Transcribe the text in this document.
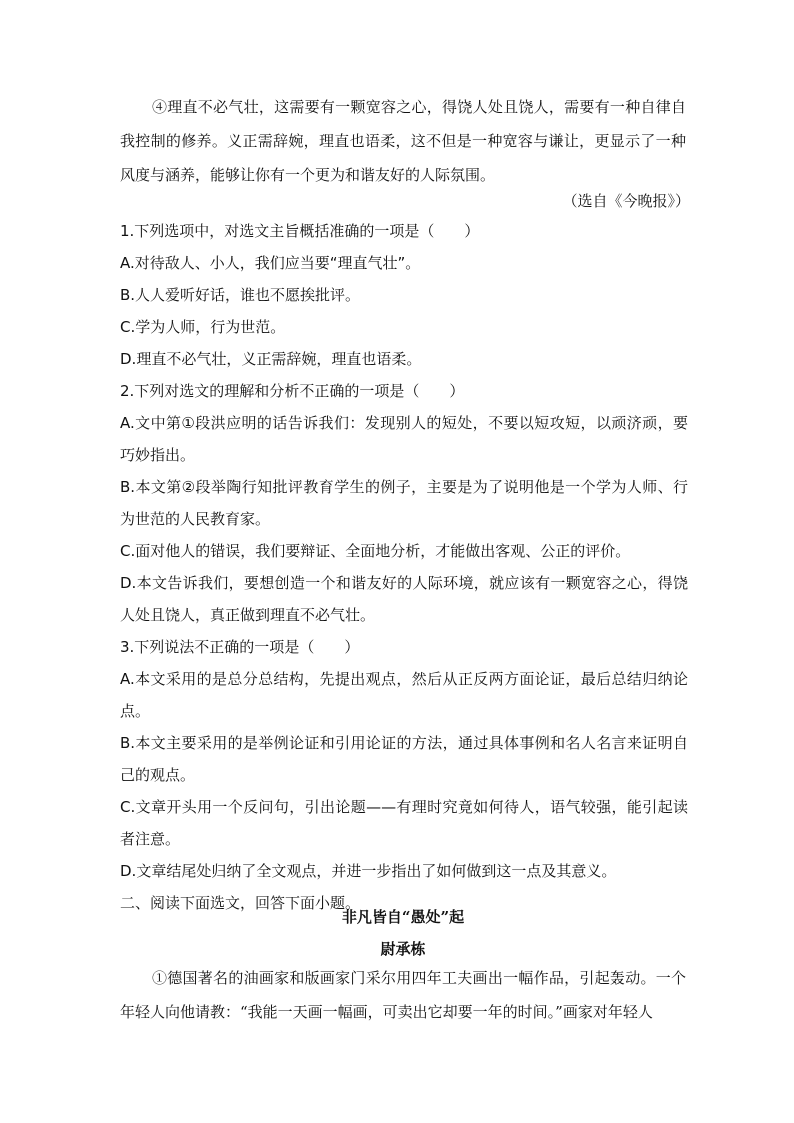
④理直不必气壮，这需要有一颗宽容之心，得饶人处且饶人，需要有一种自律自我控制的修养。义正需辞婉，理直也语柔，这不但是一种宽容与谦让，更显示了一种风度与涵养，能够让你有一个更为和谐友好的人际氛围。
（选自《今晚报》）

1.下列选项中，对选文主旨概括准确的一项是（　　）

A.对待敌人、小人，我们应当要“理直气壮”。

B.人人爱听好话，谁也不愿挨批评。

C.学为人师，行为世范。

D.理直不必气壮，义正需辞婉，理直也语柔。

2.下列对选文的理解和分析不正确的一项是（　　）

A.文中第①段洪应明的话告诉我们：发现别人的短处，不要以短攻短，以顽济顽，要巧妙指出。

B.本文第②段举陶行知批评教育学生的例子，主要是为了说明他是一个学为人师、行为世范的人民教育家。

C.面对他人的错误，我们要辩证、全面地分析，才能做出客观、公正的评价。

D.本文告诉我们，要想创造一个和谐友好的人际环境，就应该有一颗宽容之心，得饶人处且饶人，真正做到理直不必气壮。

3.下列说法不正确的一项是（　　）

A.本文采用的是总分总结构，先提出观点，然后从正反两方面论证，最后总结归纳论点。

B.本文主要采用的是举例论证和引用论证的方法，通过具体事例和名人名言来证明自己的观点。

C.文章开头用一个反问句，引出论题——有理时究竟如何待人，语气较强，能引起读者注意。

D.文章结尾处归纳了全文观点，并进一步指出了如何做到这一点及其意义。

二、阅读下面选文，回答下面小题。

非凡皆自“愚处”起
尉承栋
①德国著名的油画家和版画家门采尔用四年工夫画出一幅作品，引起轰动。一个年轻人向他请教：“我能一天画一幅画，可卖出它却要一年的时间。”画家对年轻人
